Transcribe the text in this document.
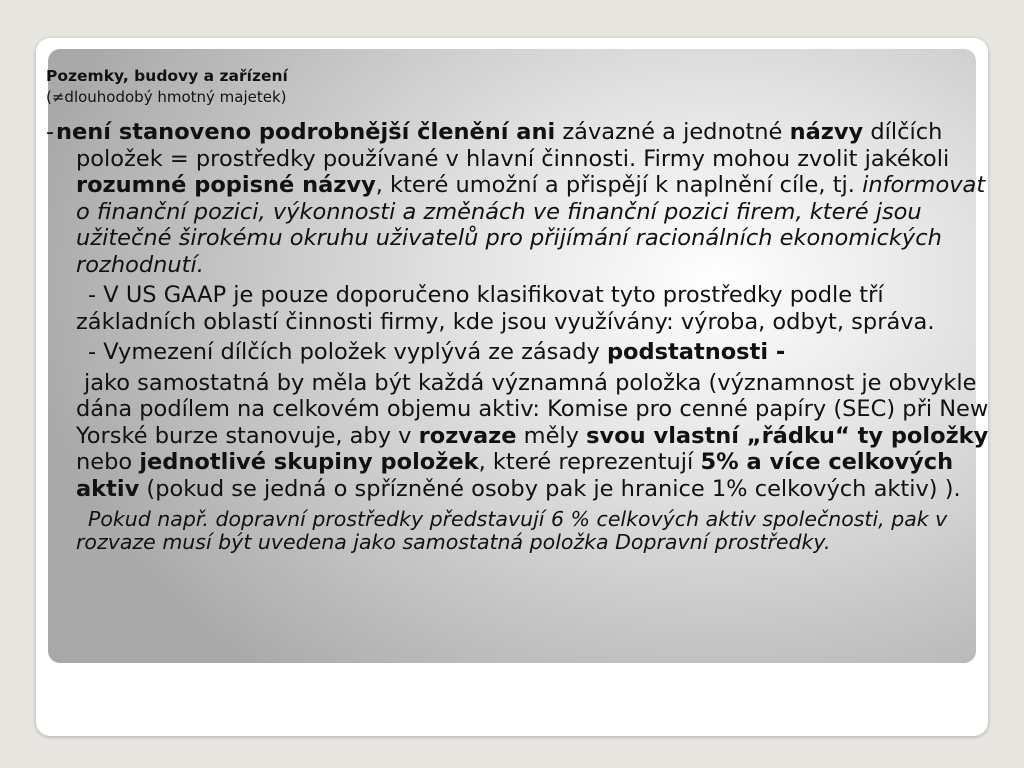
Pozemky, budovy a zařízení

(≠dlouhodobý hmotný majetek)

-není stanoveno podrobnější členění ani závazné a jednotné názvy dílčích položek = prostředky používané v hlavní činnosti. Firmy mohou zvolit jakékoli rozumné popisné názvy, které umožní a přispějí k naplnění cíle, tj. informovat o finanční pozici, výkonnosti a změnách ve finanční pozici firem, které jsou užitečné širokému okruhu uživatelů pro přijímání racionálních ekonomických rozhodnutí.

- V US GAAP je pouze doporučeno klasifikovat tyto prostředky podle tří základních oblastí činnosti firmy, kde jsou využívány: výroba, odbyt, správa.

- Vymezení dílčích položek vyplývá ze zásady podstatnosti -

jako samostatná by měla být každá významná položka (významnost je obvykle dána podílem na celkovém objemu aktiv: Komise pro cenné papíry (SEC) při New Yorské burze stanovuje, aby v rozvaze měly svou vlastní „řádku“ ty položky nebo jednotlivé skupiny položek, které reprezentují 5% a více celkových aktiv (pokud se jedná o spřízněné osoby pak je hranice 1% celkových aktiv) ).

Pokud např. dopravní prostředky představují 6 % celkových aktiv společnosti, pak v rozvaze musí být uvedena jako samostatná položka Dopravní prostředky.
